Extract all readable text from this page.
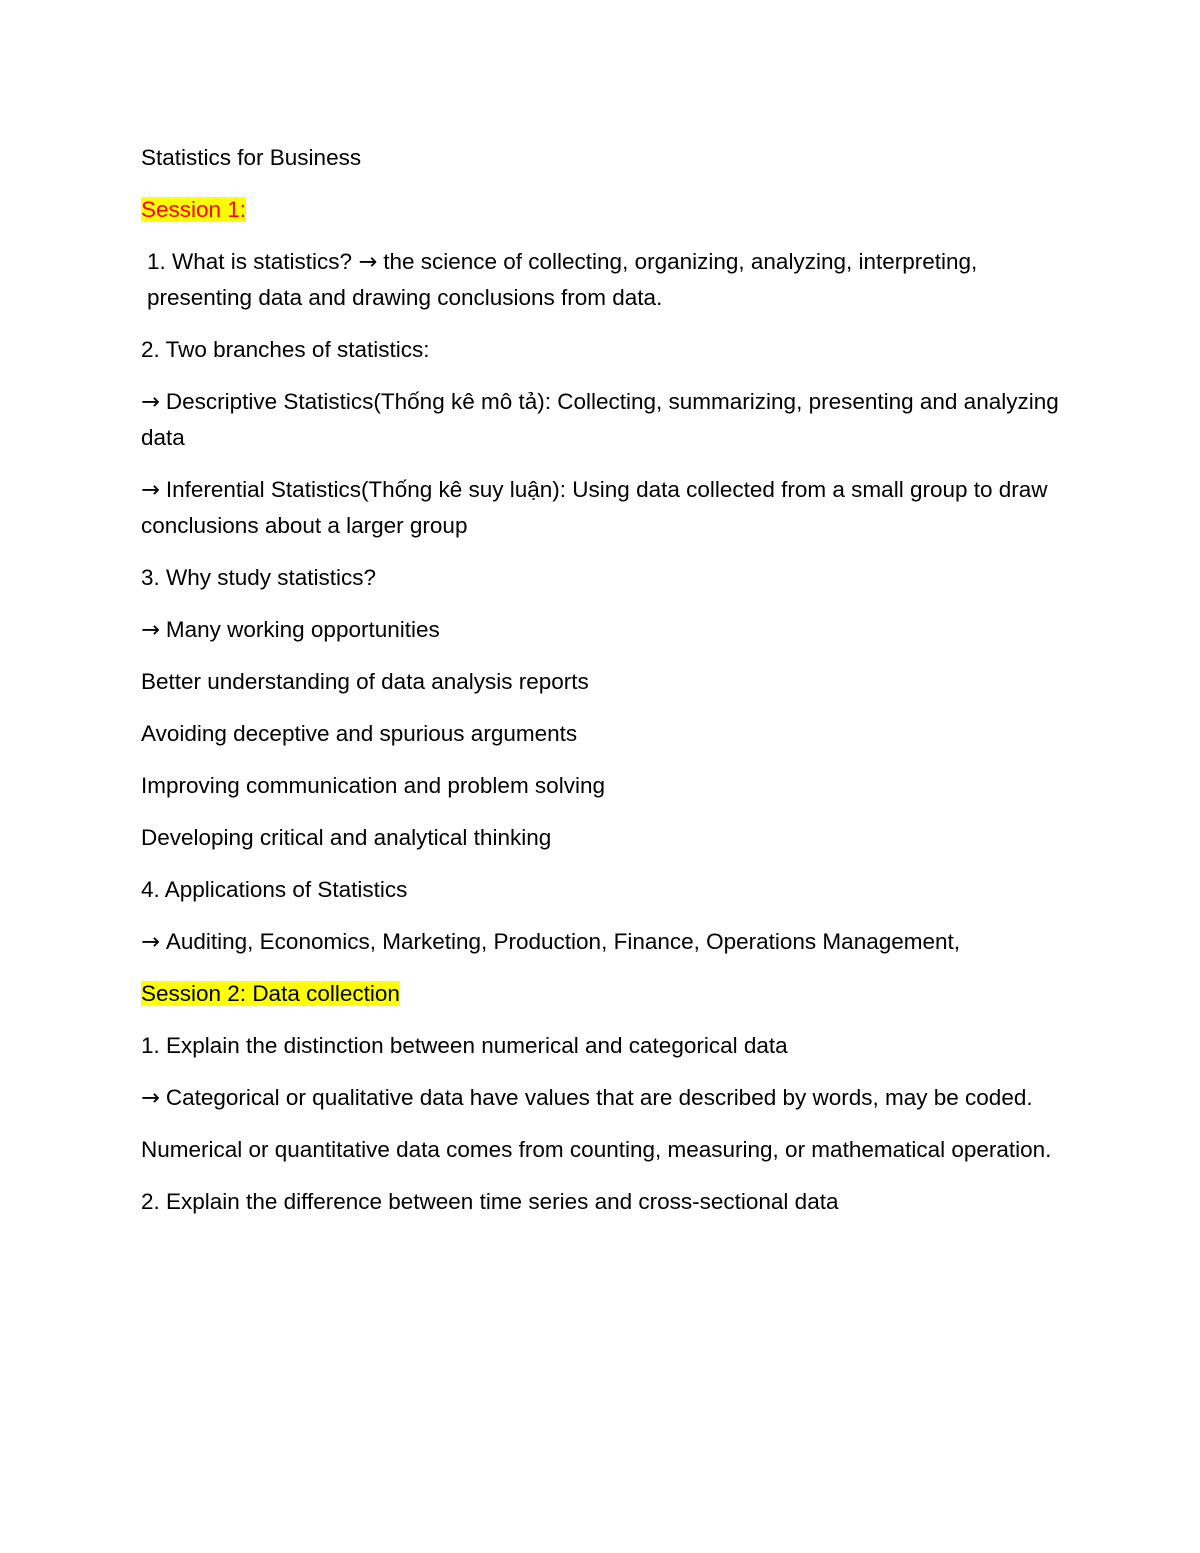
Statistics for Business

Session 1:

1. What is statistics? → the science of collecting, organizing, analyzing, interpreting, presenting data and drawing conclusions from data.

2. Two branches of statistics:

→ Descriptive Statistics(Thống kê mô tả): Collecting, summarizing, presenting and analyzing data

→ Inferential Statistics(Thống kê suy luận): Using data collected from a small group to draw conclusions about a larger group

3. Why study statistics?

→ Many working opportunities

Better understanding of data analysis reports

Avoiding deceptive and spurious arguments

Improving communication and problem solving

Developing critical and analytical thinking

4. Applications of Statistics

→ Auditing, Economics, Marketing, Production, Finance, Operations Management,

Session 2: Data collection

1. Explain the distinction between numerical and categorical data

→ Categorical or qualitative data have values that are described by words, may be coded.

Numerical or quantitative data comes from counting, measuring, or mathematical operation.

2. Explain the difference between time series and cross-sectional data
